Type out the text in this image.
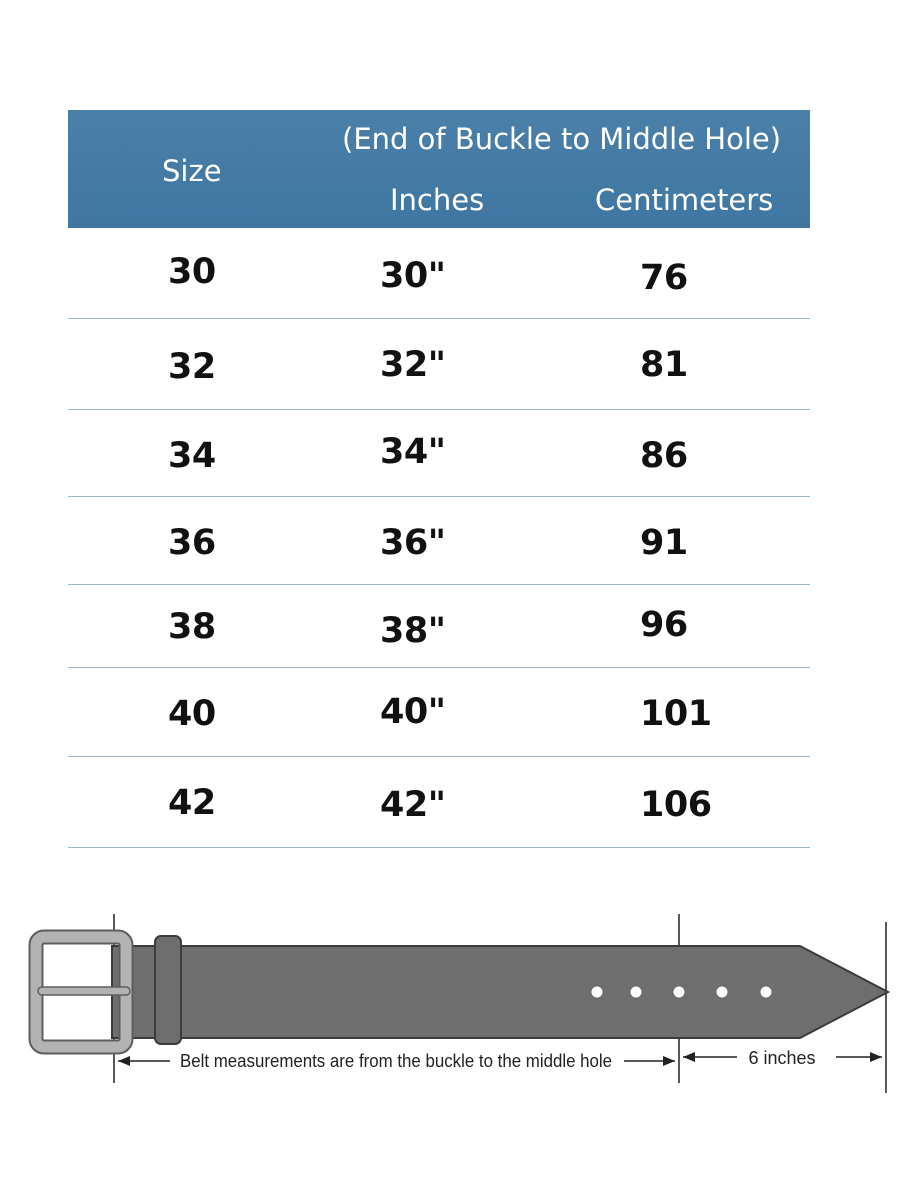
Size
(End of Buckle to Middle Hole)
Inches	Centimeters
30	30"	76
32	32"	81
34	34"	86
36	36"	91
38	38"	96
40	40"	101
42	42"	106
Belt measurements are from the buckle to the middle hole	6 inches
